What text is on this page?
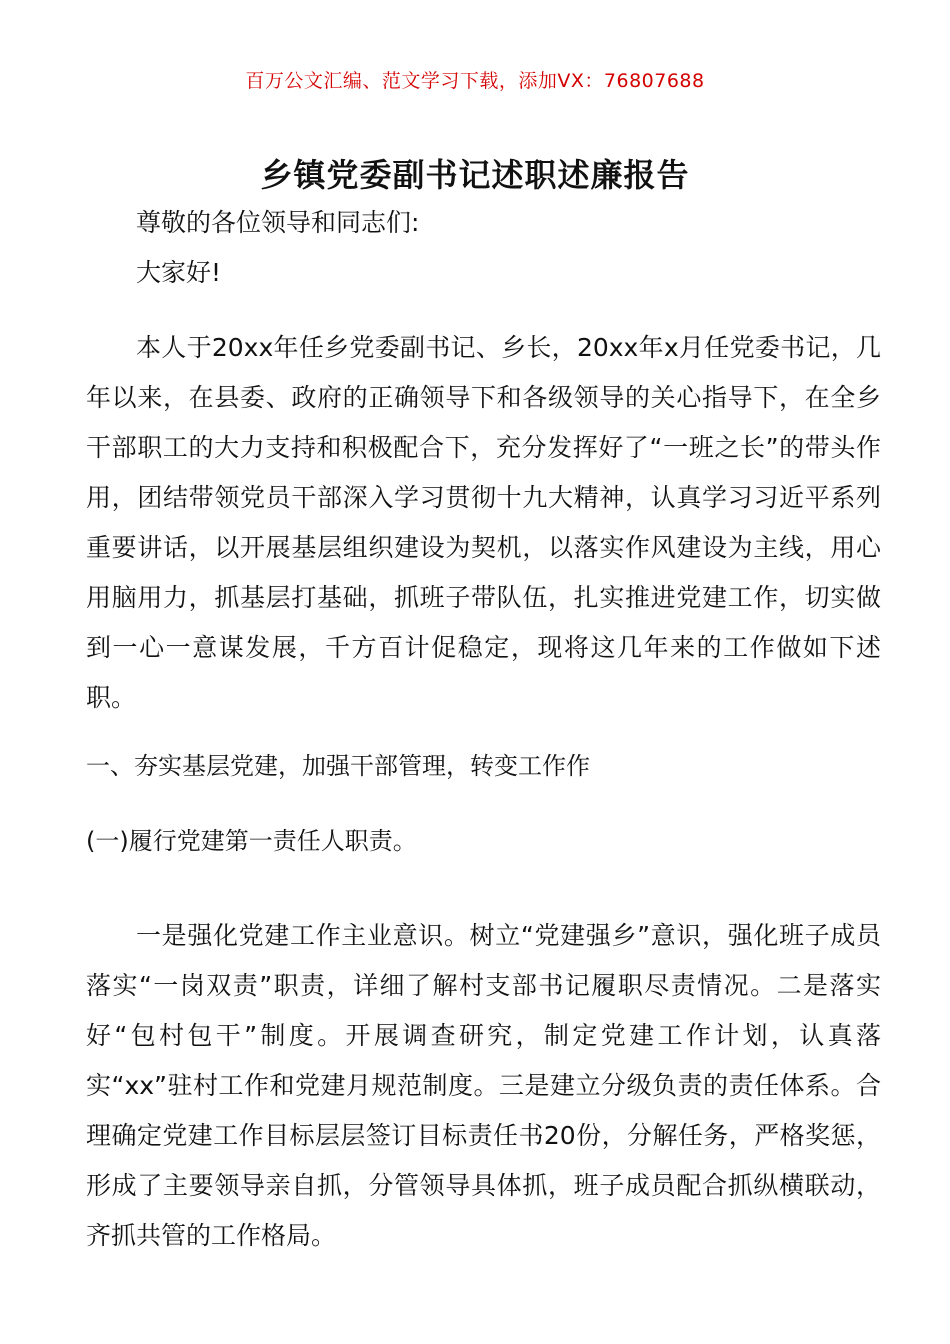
百万公文汇编、范文学习下载，添加VX：76807688
乡镇党委副书记述职述廉报告
尊敬的各位领导和同志们:
大家好!
本人于20xx年任乡党委副书记、乡长，20xx年x月任党委书记，几年以来，在县委、政府的正确领导下和各级领导的关心指导下，在全乡干部职工的大力支持和积极配合下，充分发挥好了“一班之长”的带头作用，团结带领党员干部深入学习贯彻十九大精神，认真学习习近平系列重要讲话，以开展基层组织建设为契机，以落实作风建设为主线，用心用脑用力，抓基层打基础，抓班子带队伍，扎实推进党建工作，切实做到一心一意谋发展，千方百计促稳定，现将这几年来的工作做如下述职。
一、夯实基层党建，加强干部管理，转变工作作
(一)履行党建第一责任人职责。
一是强化党建工作主业意识。树立“党建强乡”意识，强化班子成员落实“一岗双责”职责，详细了解村支部书记履职尽责情况。二是落实好“包村包干”制度。开展调查研究，制定党建工作计划，认真落实“xx”驻村工作和党建月规范制度。三是建立分级负责的责任体系。合理确定党建工作目标层层签订目标责任书20份，分解任务，严格奖惩，形成了主要领导亲自抓，分管领导具体抓，班子成员配合抓纵横联动，齐抓共管的工作格局。
